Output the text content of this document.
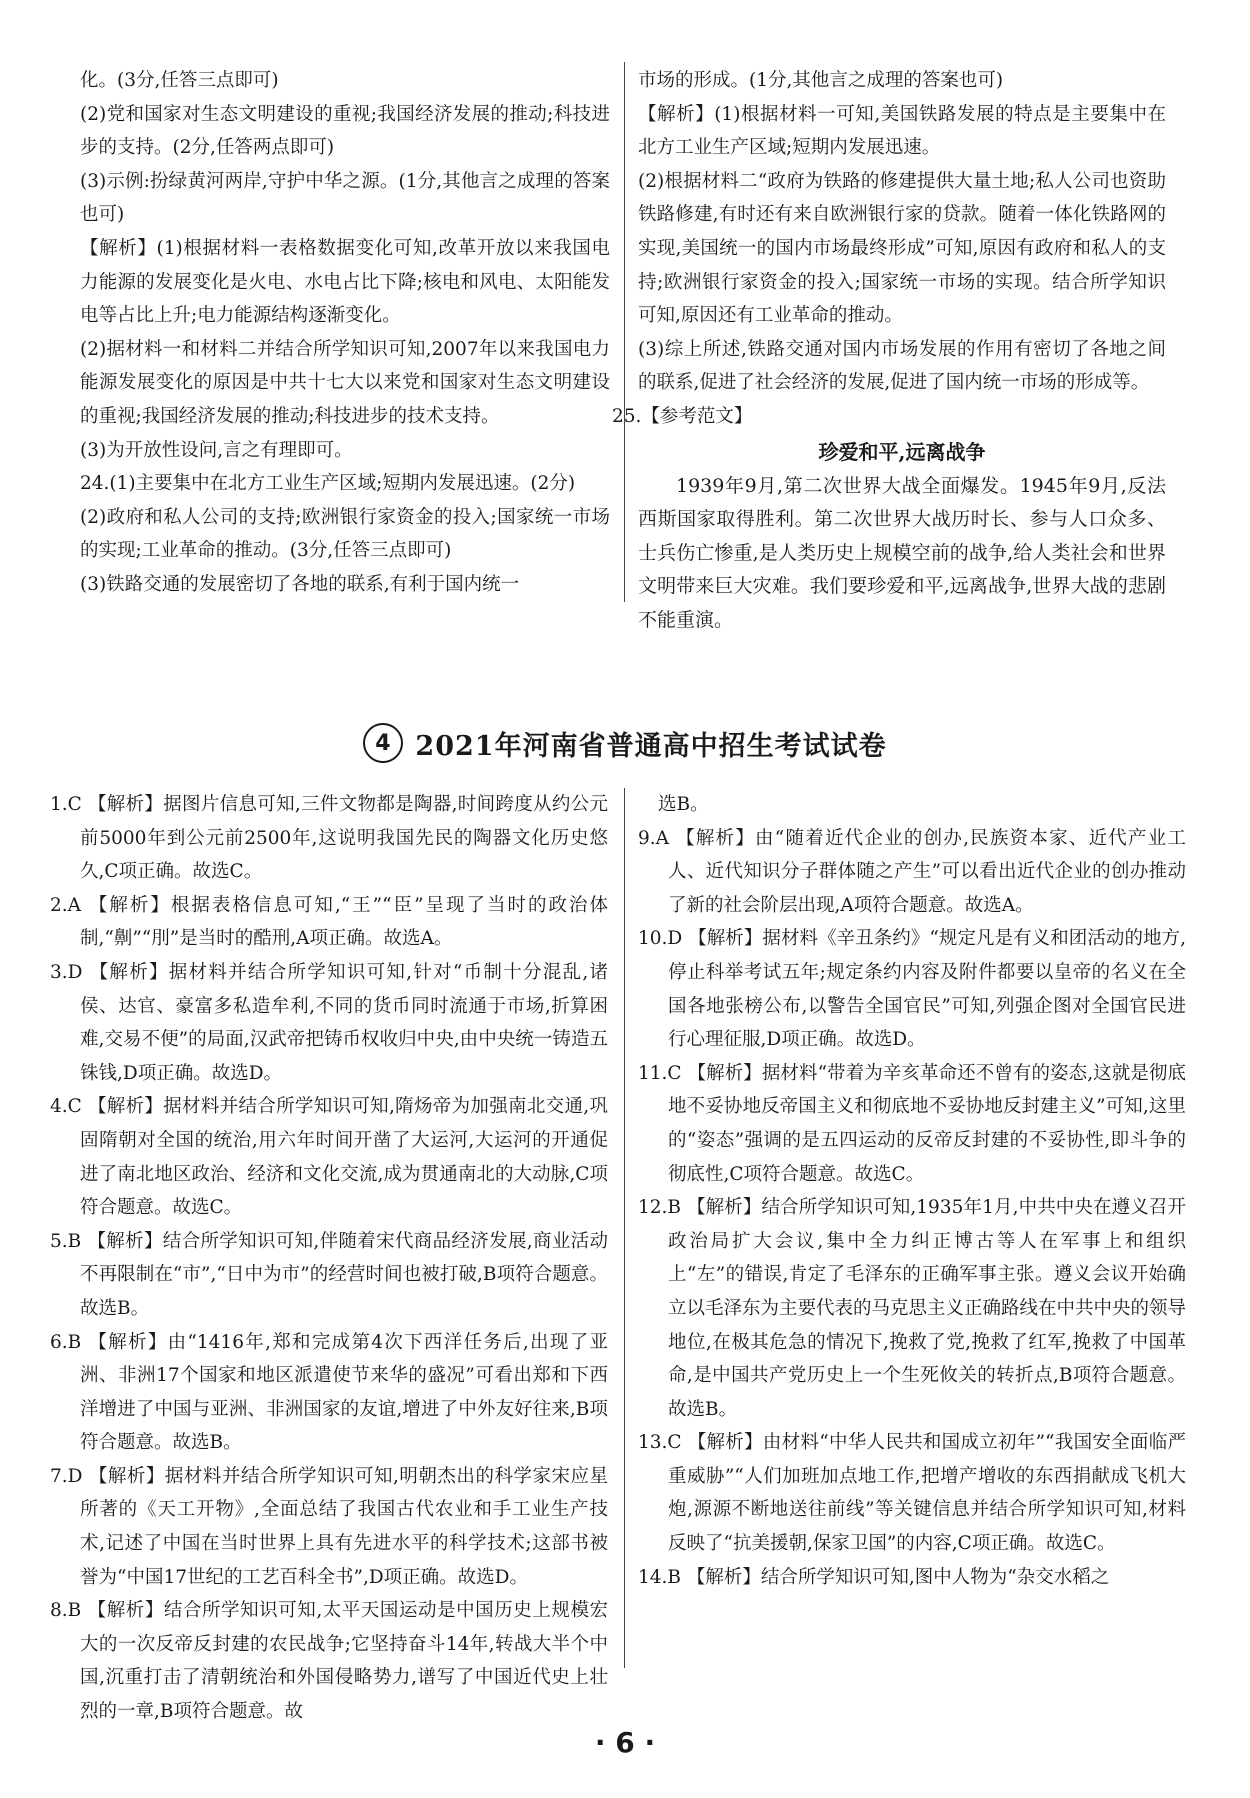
化。(3分,任答三点即可)

(2)党和国家对生态文明建设的重视;我国经济发展的推动;科技进步的支持。(2分,任答两点即可)

(3)示例:扮绿黄河两岸,守护中华之源。(1分,其他言之成理的答案也可)

【解析】(1)根据材料一表格数据变化可知,改革开放以来我国电力能源的发展变化是火电、水电占比下降;核电和风电、太阳能发电等占比上升;电力能源结构逐渐变化。

(2)据材料一和材料二并结合所学知识可知,2007年以来我国电力能源发展变化的原因是中共十七大以来党和国家对生态文明建设的重视;我国经济发展的推动;科技进步的技术支持。

(3)为开放性设问,言之有理即可。

24.(1)主要集中在北方工业生产区域;短期内发展迅速。(2分)

(2)政府和私人公司的支持;欧洲银行家资金的投入;国家统一市场的实现;工业革命的推动。(3分,任答三点即可)

(3)铁路交通的发展密切了各地的联系,有利于国内统一

市场的形成。(1分,其他言之成理的答案也可)

【解析】(1)根据材料一可知,美国铁路发展的特点是主要集中在北方工业生产区域;短期内发展迅速。

(2)根据材料二“政府为铁路的修建提供大量土地;私人公司也资助铁路修建,有时还有来自欧洲银行家的贷款。随着一体化铁路网的实现,美国统一的国内市场最终形成”可知,原因有政府和私人的支持;欧洲银行家资金的投入;国家统一市场的实现。结合所学知识可知,原因还有工业革命的推动。

(3)综上所述,铁路交通对国内市场发展的作用有密切了各地之间的联系,促进了社会经济的发展,促进了国内统一市场的形成等。

25.【参考范文】

珍爱和平,远离战争

1939年9月,第二次世界大战全面爆发。1945年9月,反法西斯国家取得胜利。第二次世界大战历时长、参与人口众多、士兵伤亡惨重,是人类历史上规模空前的战争,给人类社会和世界文明带来巨大灾难。我们要珍爱和平,远离战争,世界大战的悲剧不能重演。

4 2021年河南省普通高中招生考试试卷

1.C 【解析】据图片信息可知,三件文物都是陶器,时间跨度从约公元前5000年到公元前2500年,这说明我国先民的陶器文化历史悠久,C项正确。故选C。

2.A 【解析】根据表格信息可知,“王”“臣”呈现了当时的政治体制,“劓”“刖”是当时的酷刑,A项正确。故选A。

3.D 【解析】据材料并结合所学知识可知,针对“币制十分混乱,诸侯、达官、豪富多私造牟利,不同的货币同时流通于市场,折算困难,交易不便”的局面,汉武帝把铸币权收归中央,由中央统一铸造五铢钱,D项正确。故选D。

4.C 【解析】据材料并结合所学知识可知,隋炀帝为加强南北交通,巩固隋朝对全国的统治,用六年时间开凿了大运河,大运河的开通促进了南北地区政治、经济和文化交流,成为贯通南北的大动脉,C项符合题意。故选C。

5.B 【解析】结合所学知识可知,伴随着宋代商品经济发展,商业活动不再限制在“市”,“日中为市”的经营时间也被打破,B项符合题意。故选B。

6.B 【解析】由“1416年,郑和完成第4次下西洋任务后,出现了亚洲、非洲17个国家和地区派遣使节来华的盛况”可看出郑和下西洋增进了中国与亚洲、非洲国家的友谊,增进了中外友好往来,B项符合题意。故选B。

7.D 【解析】据材料并结合所学知识可知,明朝杰出的科学家宋应星所著的《天工开物》,全面总结了我国古代农业和手工业生产技术,记述了中国在当时世界上具有先进水平的科学技术;这部书被誉为“中国17世纪的工艺百科全书”,D项正确。故选D。

8.B 【解析】结合所学知识可知,太平天国运动是中国历史上规模宏大的一次反帝反封建的农民战争;它坚持奋斗14年,转战大半个中国,沉重打击了清朝统治和外国侵略势力,谱写了中国近代史上壮烈的一章,B项符合题意。故

选B。

9.A 【解析】由“随着近代企业的创办,民族资本家、近代产业工人、近代知识分子群体随之产生”可以看出近代企业的创办推动了新的社会阶层出现,A项符合题意。故选A。

10.D 【解析】据材料《辛丑条约》“规定凡是有义和团活动的地方,停止科举考试五年;规定条约内容及附件都要以皇帝的名义在全国各地张榜公布,以警告全国官民”可知,列强企图对全国官民进行心理征服,D项正确。故选D。

11.C 【解析】据材料“带着为辛亥革命还不曾有的姿态,这就是彻底地不妥协地反帝国主义和彻底地不妥协地反封建主义”可知,这里的“姿态”强调的是五四运动的反帝反封建的不妥协性,即斗争的彻底性,C项符合题意。故选C。

12.B 【解析】结合所学知识可知,1935年1月,中共中央在遵义召开政治局扩大会议,集中全力纠正博古等人在军事上和组织上“左”的错误,肯定了毛泽东的正确军事主张。遵义会议开始确立以毛泽东为主要代表的马克思主义正确路线在中共中央的领导地位,在极其危急的情况下,挽救了党,挽救了红军,挽救了中国革命,是中国共产党历史上一个生死攸关的转折点,B项符合题意。故选B。

13.C 【解析】由材料“中华人民共和国成立初年”“我国安全面临严重威胁”“人们加班加点地工作,把增产增收的东西捐献成飞机大炮,源源不断地送往前线”等关键信息并结合所学知识可知,材料反映了“抗美援朝,保家卫国”的内容,C项正确。故选C。

14.B 【解析】结合所学知识可知,图中人物为“杂交水稻之

· 6 ·
